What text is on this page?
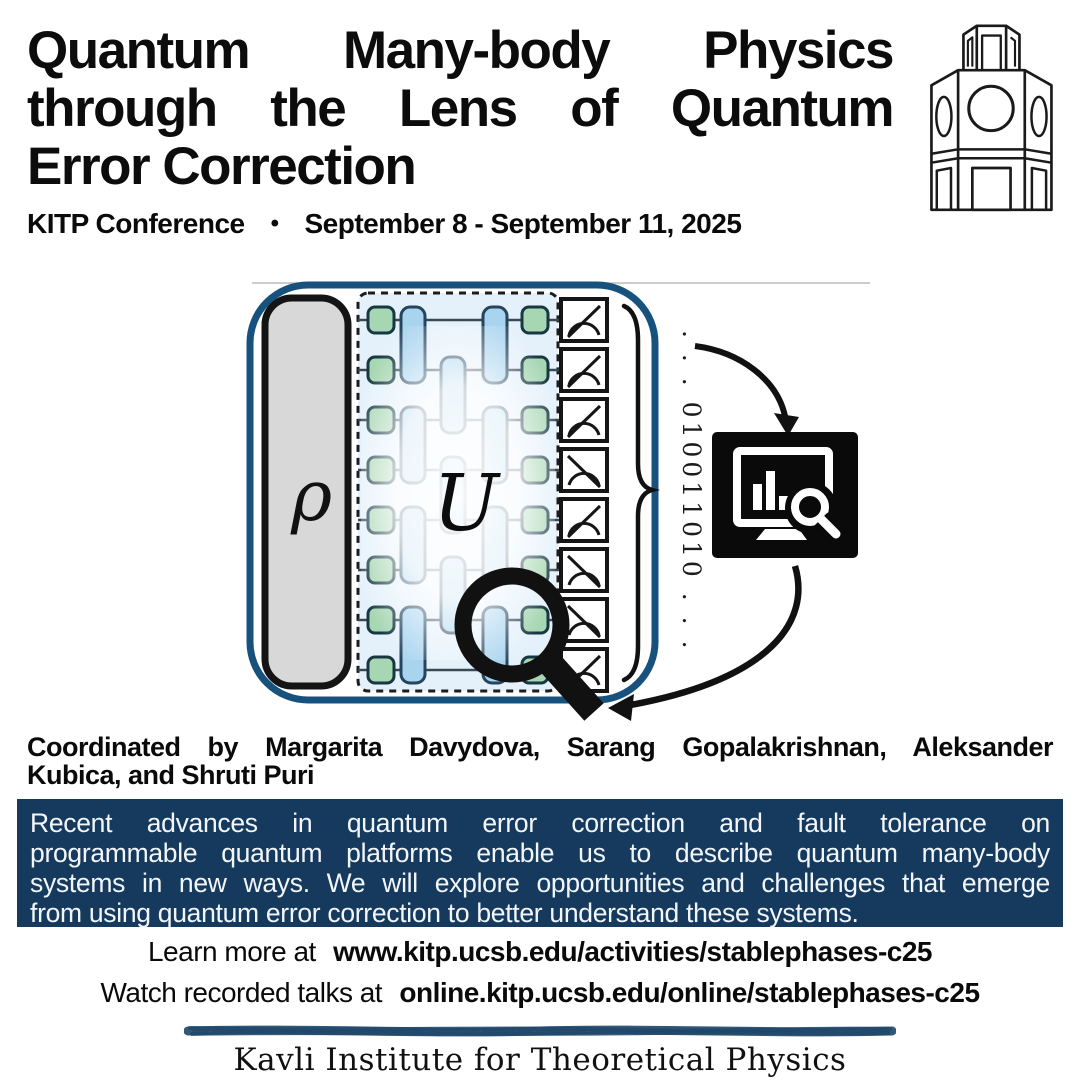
Quantum Many-body Physics
through the Lens of Quantum
Error Correction
KITP Conference • September 8 - September 11, 2025
ρ U	. . . 010011010 . . .
Coordinated by Margarita Davydova, Sarang Gopalakrishnan, Aleksander
Kubica, and Shruti Puri
Recent advances in quantum error correction and fault tolerance on
programmable quantum platforms enable us to describe quantum many-body
systems in new ways. We will explore opportunities and challenges that emerge
from using quantum error correction to better understand these systems.
Learn more at www.kitp.ucsb.edu/activities/stablephases-c25
Watch recorded talks at online.kitp.ucsb.edu/online/stablephases-c25
Kavli Institute for Theoretical Physics
